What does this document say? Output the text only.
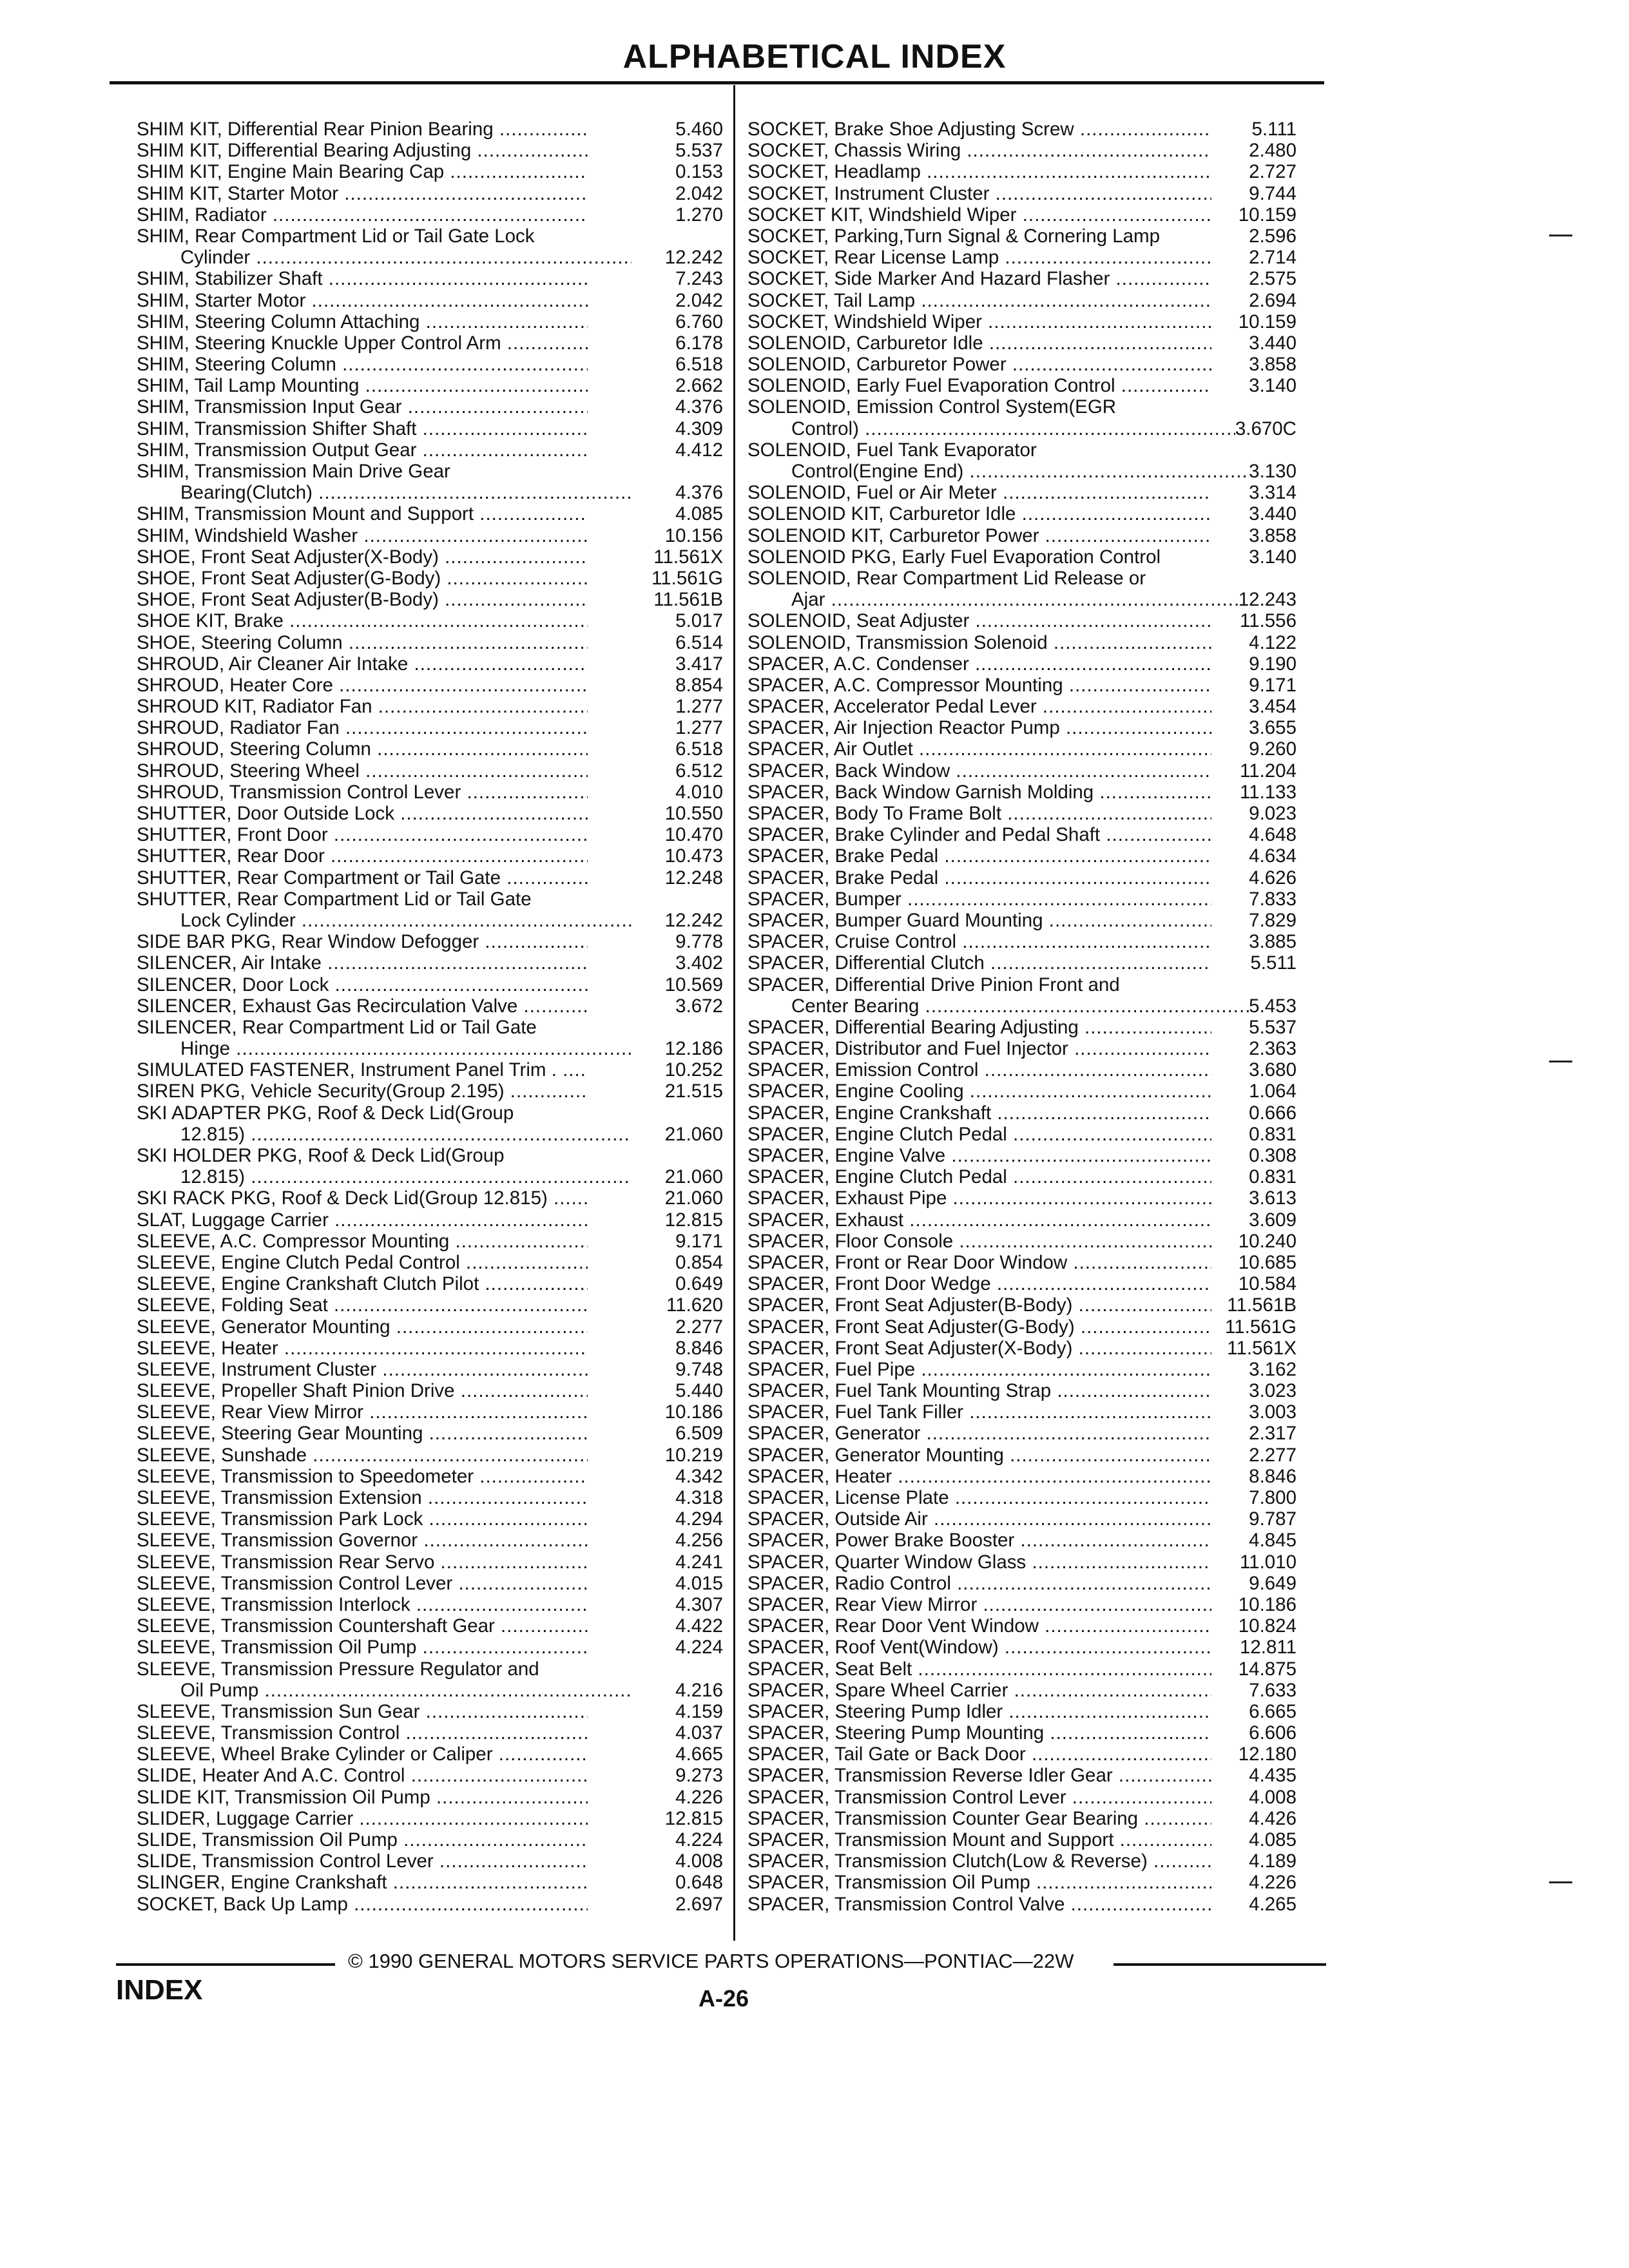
ALPHABETICAL INDEX
SHIM KIT, Differential Rear Pinion Bearing .....	5.460
SHIM KIT, Differential Bearing Adjusting .....	5.537
SHIM KIT, Engine Main Bearing Cap .....	0.153
SHIM KIT, Starter Motor .....	2.042
SHIM, Radiator .....	1.270
SHIM, Rear Compartment Lid or Tail Gate Lock
Cylinder .....	12.242
SHIM, Stabilizer Shaft .....	7.243
SHIM, Starter Motor .....	2.042
SHIM, Steering Column Attaching .....	6.760
SHIM, Steering Knuckle Upper Control Arm .....	6.178
SHIM, Steering Column .....	6.518
SHIM, Tail Lamp Mounting .....	2.662
SHIM, Transmission Input Gear .....	4.376
SHIM, Transmission Shifter Shaft .....	4.309
SHIM, Transmission Output Gear .....	4.412
SHIM, Transmission Main Drive Gear
Bearing(Clutch) .....	4.376
SHIM, Transmission Mount and Support .....	4.085
SHIM, Windshield Washer .....	10.156
SHOE, Front Seat Adjuster(X-Body) .....	11.561X
SHOE, Front Seat Adjuster(G-Body) .....	11.561G
SHOE, Front Seat Adjuster(B-Body) .....	11.561B
SHOE KIT, Brake .....	5.017
SHOE, Steering Column .....	6.514
SHROUD, Air Cleaner Air Intake .....	3.417
SHROUD, Heater Core .....	8.854
SHROUD KIT, Radiator Fan .....	1.277
SHROUD, Radiator Fan .....	1.277
SHROUD, Steering Column .....	6.518
SHROUD, Steering Wheel .....	6.512
SHROUD, Transmission Control Lever .....	4.010
SHUTTER, Door Outside Lock .....	10.550
SHUTTER, Front Door .....	10.470
SHUTTER, Rear Door .....	10.473
SHUTTER, Rear Compartment or Tail Gate .....	12.248
SHUTTER, Rear Compartment Lid or Tail Gate
Lock Cylinder .....	12.242
SIDE BAR PKG, Rear Window Defogger .....	9.778
SILENCER, Air Intake .....	3.402
SILENCER, Door Lock .....	10.569
SILENCER, Exhaust Gas Recirculation Valve .....	3.672
SILENCER, Rear Compartment Lid or Tail Gate
Hinge .....	12.186
SIMULATED FASTENER, Instrument Panel Trim . .....	10.252
SIREN PKG, Vehicle Security(Group 2.195) .....	21.515
SKI ADAPTER PKG, Roof & Deck Lid(Group
12.815) .....	21.060
SKI HOLDER PKG, Roof & Deck Lid(Group
12.815) .....	21.060
SKI RACK PKG, Roof & Deck Lid(Group 12.815) .....	21.060
SLAT, Luggage Carrier .....	12.815
SLEEVE, A.C. Compressor Mounting .....	9.171
SLEEVE, Engine Clutch Pedal Control .....	0.854
SLEEVE, Engine Crankshaft Clutch Pilot .....	0.649
SLEEVE, Folding Seat .....	11.620
SLEEVE, Generator Mounting .....	2.277
SLEEVE, Heater .....	8.846
SLEEVE, Instrument Cluster .....	9.748
SLEEVE, Propeller Shaft Pinion Drive .....	5.440
SLEEVE, Rear View Mirror .....	10.186
SLEEVE, Steering Gear Mounting .....	6.509
SLEEVE, Sunshade .....	10.219
SLEEVE, Transmission to Speedometer .....	4.342
SLEEVE, Transmission Extension .....	4.318
SLEEVE, Transmission Park Lock .....	4.294
SLEEVE, Transmission Governor .....	4.256
SLEEVE, Transmission Rear Servo .....	4.241
SLEEVE, Transmission Control Lever .....	4.015
SLEEVE, Transmission Interlock .....	4.307
SLEEVE, Transmission Countershaft Gear .....	4.422
SLEEVE, Transmission Oil Pump .....	4.224
SLEEVE, Transmission Pressure Regulator and
Oil Pump .....	4.216
SLEEVE, Transmission Sun Gear .....	4.159
SLEEVE, Transmission Control .....	4.037
SLEEVE, Wheel Brake Cylinder or Caliper .....	4.665
SLIDE, Heater And A.C. Control .....	9.273
SLIDE KIT, Transmission Oil Pump .....	4.226
SLIDER, Luggage Carrier .....	12.815
SLIDE, Transmission Oil Pump .....	4.224
SLIDE, Transmission Control Lever .....	4.008
SLINGER, Engine Crankshaft .....	0.648
SOCKET, Back Up Lamp .....	2.697
SOCKET, Brake Shoe Adjusting Screw .....	5.111
SOCKET, Chassis Wiring .....	2.480
SOCKET, Headlamp .....	2.727
SOCKET, Instrument Cluster .....	9.744
SOCKET KIT, Windshield Wiper .....	10.159
SOCKET, Parking,Turn Signal & Cornering Lamp	2.596
SOCKET, Rear License Lamp .....	2.714
SOCKET, Side Marker And Hazard Flasher .....	2.575
SOCKET, Tail Lamp .....	2.694
SOCKET, Windshield Wiper .....	10.159
SOLENOID, Carburetor Idle .....	3.440
SOLENOID, Carburetor Power .....	3.858
SOLENOID, Early Fuel Evaporation Control .....	3.140
SOLENOID, Emission Control System(EGR
Control) .....	3.670C
SOLENOID, Fuel Tank Evaporator
Control(Engine End) .....	3.130
SOLENOID, Fuel or Air Meter .....	3.314
SOLENOID KIT, Carburetor Idle .....	3.440
SOLENOID KIT, Carburetor Power .....	3.858
SOLENOID PKG, Early Fuel Evaporation Control	3.140
SOLENOID, Rear Compartment Lid Release or
Ajar .....	12.243
SOLENOID, Seat Adjuster .....	11.556
SOLENOID, Transmission Solenoid .....	4.122
SPACER, A.C. Condenser .....	9.190
SPACER, A.C. Compressor Mounting .....	9.171
SPACER, Accelerator Pedal Lever .....	3.454
SPACER, Air Injection Reactor Pump .....	3.655
SPACER, Air Outlet .....	9.260
SPACER, Back Window .....	11.204
SPACER, Back Window Garnish Molding .....	11.133
SPACER, Body To Frame Bolt .....	9.023
SPACER, Brake Cylinder and Pedal Shaft .....	4.648
SPACER, Brake Pedal .....	4.634
SPACER, Brake Pedal .....	4.626
SPACER, Bumper .....	7.833
SPACER, Bumper Guard Mounting .....	7.829
SPACER, Cruise Control .....	3.885
SPACER, Differential Clutch .....	5.511
SPACER, Differential Drive Pinion Front and
Center Bearing .....	5.453
SPACER, Differential Bearing Adjusting .....	5.537
SPACER, Distributor and Fuel Injector .....	2.363
SPACER, Emission Control .....	3.680
SPACER, Engine Cooling .....	1.064
SPACER, Engine Crankshaft .....	0.666
SPACER, Engine Clutch Pedal .....	0.831
SPACER, Engine Valve .....	0.308
SPACER, Engine Clutch Pedal .....	0.831
SPACER, Exhaust Pipe .....	3.613
SPACER, Exhaust .....	3.609
SPACER, Floor Console .....	10.240
SPACER, Front or Rear Door Window .....	10.685
SPACER, Front Door Wedge .....	10.584
SPACER, Front Seat Adjuster(B-Body) .....	11.561B
SPACER, Front Seat Adjuster(G-Body) .....	11.561G
SPACER, Front Seat Adjuster(X-Body) .....	11.561X
SPACER, Fuel Pipe .....	3.162
SPACER, Fuel Tank Mounting Strap .....	3.023
SPACER, Fuel Tank Filler .....	3.003
SPACER, Generator .....	2.317
SPACER, Generator Mounting .....	2.277
SPACER, Heater .....	8.846
SPACER, License Plate .....	7.800
SPACER, Outside Air .....	9.787
SPACER, Power Brake Booster .....	4.845
SPACER, Quarter Window Glass .....	11.010
SPACER, Radio Control .....	9.649
SPACER, Rear View Mirror .....	10.186
SPACER, Rear Door Vent Window .....	10.824
SPACER, Roof Vent(Window) .....	12.811
SPACER, Seat Belt .....	14.875
SPACER, Spare Wheel Carrier .....	7.633
SPACER, Steering Pump Idler .....	6.665
SPACER, Steering Pump Mounting .....	6.606
SPACER, Tail Gate or Back Door .....	12.180
SPACER, Transmission Reverse Idler Gear .....	4.435
SPACER, Transmission Control Lever .....	4.008
SPACER, Transmission Counter Gear Bearing .....	4.426
SPACER, Transmission Mount and Support .....	4.085
SPACER, Transmission Clutch(Low & Reverse) .....	4.189
SPACER, Transmission Oil Pump .....	4.226
SPACER, Transmission Control Valve .....	4.265
© 1990 GENERAL MOTORS SERVICE PARTS OPERATIONS—PONTIAC—22W
INDEX	A-26
